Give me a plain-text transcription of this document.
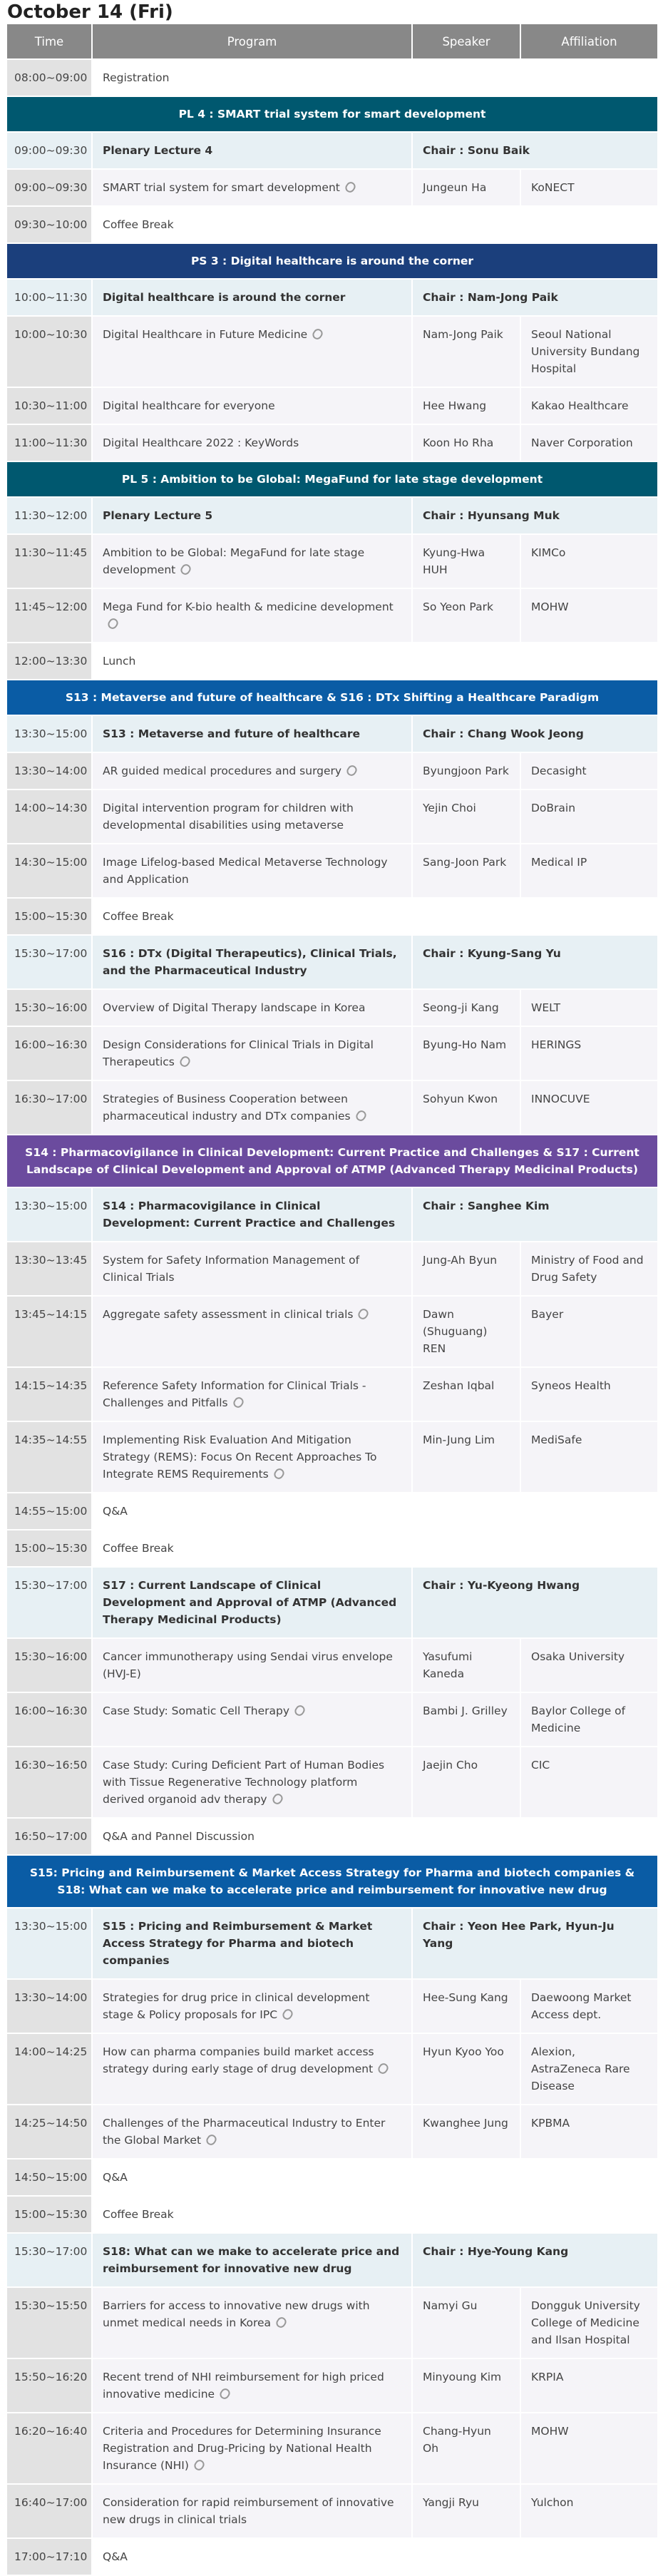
October 14 (Fri)
Time	Program	Speaker	Affiliation
08:00~09:00	Registration		
PL 4 : SMART trial system for smart development			
09:00~09:30	Plenary Lecture 4	Chair : Sonu Baik	
09:00~09:30	SMART trial system for smart development	Jungeun Ha	KoNECT
09:30~10:00	Coffee Break		
PS 3 : Digital healthcare is around the corner			
10:00~11:30	Digital healthcare is around the corner	Chair : Nam-Jong Paik	
10:00~10:30	Digital Healthcare in Future Medicine	Nam-Jong Paik	Seoul National University Bundang Hospital
10:30~11:00	Digital healthcare for everyone	Hee Hwang	Kakao Healthcare
11:00~11:30	Digital Healthcare 2022 : KeyWords	Koon Ho Rha	Naver Corporation
PL 5 : Ambition to be Global: MegaFund for late stage development			
11:30~12:00	Plenary Lecture 5	Chair : Hyunsang Muk	
11:30~11:45	Ambition to be Global: MegaFund for late stage development	Kyung-Hwa HUH	KIMCo
11:45~12:00	Mega Fund for K-bio health & medicine development	So Yeon Park	MOHW
12:00~13:30	Lunch		
S13 : Metaverse and future of healthcare & S16 : DTx Shifting a Healthcare Paradigm			
13:30~15:00	S13 : Metaverse and future of healthcare	Chair : Chang Wook Jeong	
13:30~14:00	AR guided medical procedures and surgery	Byungjoon Park	Decasight
14:00~14:30	Digital intervention program for children with developmental disabilities using metaverse	Yejin Choi	DoBrain
14:30~15:00	Image Lifelog-based Medical Metaverse Technology and Application	Sang-Joon Park	Medical IP
15:00~15:30	Coffee Break		
15:30~17:00	S16 : DTx (Digital Therapeutics), Clinical Trials, and the Pharmaceutical Industry	Chair : Kyung-Sang Yu	
15:30~16:00	Overview of Digital Therapy landscape in Korea	Seong-ji Kang	WELT
16:00~16:30	Design Considerations for Clinical Trials in Digital Therapeutics	Byung-Ho Nam	HERINGS
16:30~17:00	Strategies of Business Cooperation between pharmaceutical industry and DTx companies	Sohyun Kwon	INNOCUVE
S14 : Pharmacovigilance in Clinical Development: Current Practice and Challenges & S17 : Current Landscape of Clinical Development and Approval of ATMP (Advanced Therapy Medicinal Products)			
13:30~15:00	S14 : Pharmacovigilance in Clinical Development: Current Practice and Challenges	Chair : Sanghee Kim	
13:30~13:45	System for Safety Information Management of Clinical Trials	Jung-Ah Byun	Ministry of Food and Drug Safety
13:45~14:15	Aggregate safety assessment in clinical trials	Dawn (Shuguang) REN	Bayer
14:15~14:35	Reference Safety Information for Clinical Trials - Challenges and Pitfalls	Zeshan Iqbal	Syneos Health
14:35~14:55	Implementing Risk Evaluation And Mitigation Strategy (REMS): Focus On Recent Approaches To Integrate REMS Requirements	Min-Jung Lim	MediSafe
14:55~15:00	Q&A		
15:00~15:30	Coffee Break		
15:30~17:00	S17 : Current Landscape of Clinical Development and Approval of ATMP (Advanced Therapy Medicinal Products)	Chair : Yu-Kyeong Hwang	
15:30~16:00	Cancer immunotherapy using Sendai virus envelope (HVJ-E)	Yasufumi Kaneda	Osaka University
16:00~16:30	Case Study: Somatic Cell Therapy	Bambi J. Grilley	Baylor College of Medicine
16:30~16:50	Case Study: Curing Deficient Part of Human Bodies with Tissue Regenerative Technology platform derived organoid adv therapy	Jaejin Cho	CIC
16:50~17:00	Q&A and Pannel Discussion		
S15: Pricing and Reimbursement & Market Access Strategy for Pharma and biotech companies & S18: What can we make to accelerate price and reimbursement for innovative new drug			
13:30~15:00	S15 : Pricing and Reimbursement & Market Access Strategy for Pharma and biotech companies	Chair : Yeon Hee Park, Hyun-Ju Yang	
13:30~14:00	Strategies for drug price in clinical development stage & Policy proposals for IPC	Hee-Sung Kang	Daewoong Market Access dept.
14:00~14:25	How can pharma companies build market access strategy during early stage of drug development	Hyun Kyoo Yoo	Alexion, AstraZeneca Rare Disease
14:25~14:50	Challenges of the Pharmaceutical Industry to Enter the Global Market	Kwanghee Jung	KPBMA
14:50~15:00	Q&A		
15:00~15:30	Coffee Break		
15:30~17:00	S18: What can we make to accelerate price and reimbursement for innovative new drug	Chair : Hye-Young Kang	
15:30~15:50	Barriers for access to innovative new drugs with unmet medical needs in Korea	Namyi Gu	Dongguk University College of Medicine and Ilsan Hospital
15:50~16:20	Recent trend of NHI reimbursement for high priced innovative medicine	Minyoung Kim	KRPIA
16:20~16:40	Criteria and Procedures for Determining Insurance Registration and Drug-Pricing by National Health Insurance (NHI)	Chang-Hyun Oh	MOHW
16:40~17:00	Consideration for rapid reimbursement of innovative new drugs in clinical trials	Yangji Ryu	Yulchon
17:00~17:10	Q&A		
